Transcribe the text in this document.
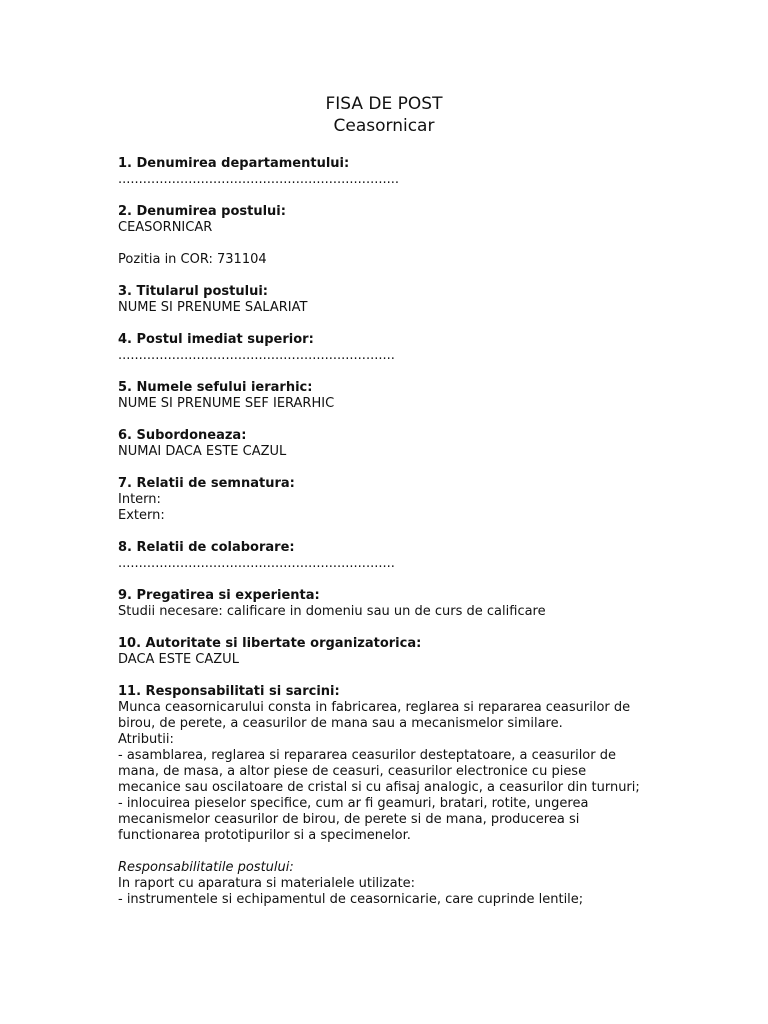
FISA DE POST
Ceasornicar
1. Denumirea departamentului:
....................................................................
2. Denumirea postului:
CEASORNICAR
Pozitia in COR: 731104
3. Titularul postului:
NUME SI PRENUME SALARIAT
4. Postul imediat superior:
...................................................................
5. Numele sefului ierarhic:
NUME SI PRENUME SEF IERARHIC
6. Subordoneaza:
NUMAI DACA ESTE CAZUL
7. Relatii de semnatura:
Intern:
Extern:
8. Relatii de colaborare:
...................................................................
9. Pregatirea si experienta:
Studii necesare: calificare in domeniu sau un de curs de calificare
10. Autoritate si libertate organizatorica:
DACA ESTE CAZUL
11. Responsabilitati si sarcini:
Munca ceasornicarului consta in fabricarea, reglarea si repararea ceasurilor de birou, de perete, a ceasurilor de mana sau a mecanismelor similare.
Atributii:
- asamblarea, reglarea si repararea ceasurilor desteptatoare, a ceasurilor de mana, de masa, a altor piese de ceasuri, ceasurilor electronice cu piese mecanice sau oscilatoare de cristal si cu afisaj analogic, a ceasurilor din turnuri;
- inlocuirea pieselor specifice, cum ar fi geamuri, bratari, rotite, ungerea mecanismelor ceasurilor de birou, de perete si de mana, producerea si functionarea prototipurilor si a specimenelor.
Responsabilitatile postului:
In raport cu aparatura si materialele utilizate:
- instrumentele si echipamentul de ceasornicarie, care cuprinde lentile;
